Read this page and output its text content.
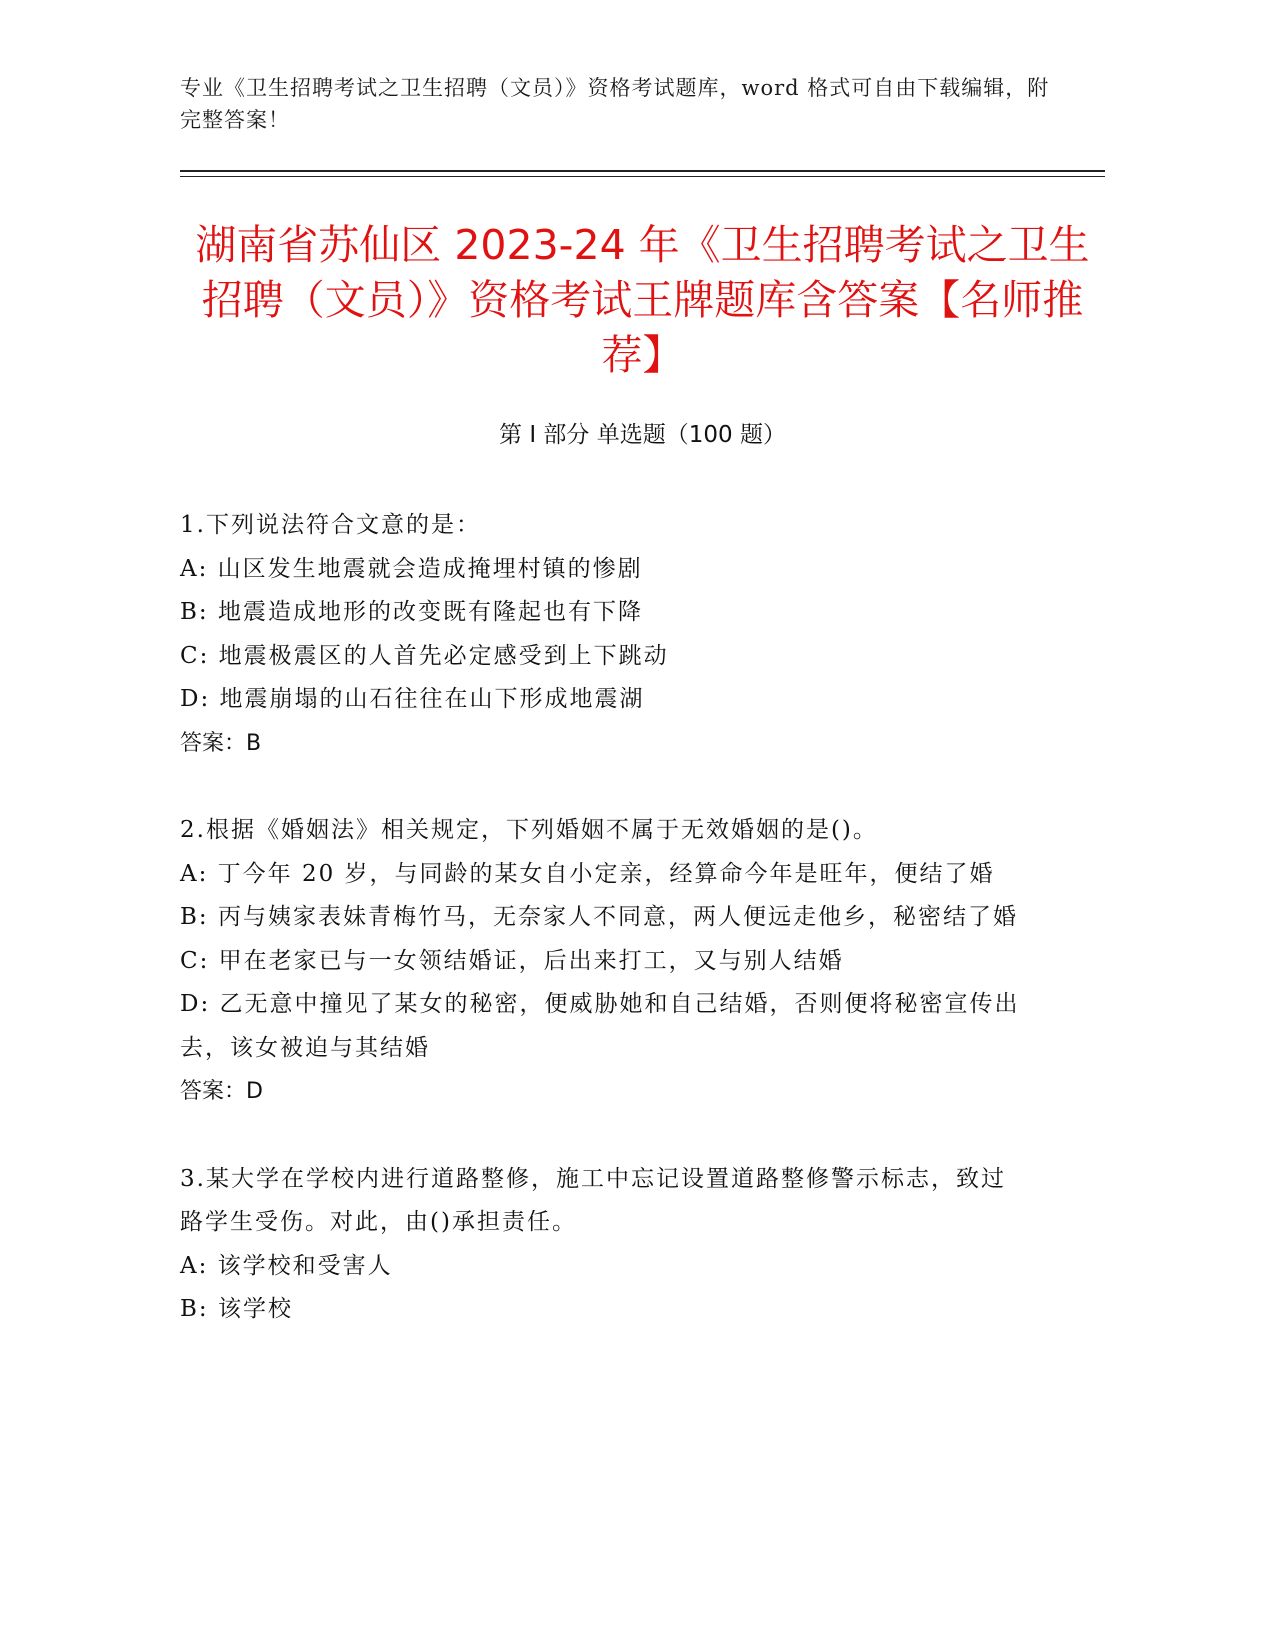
专业《卫生招聘考试之卫生招聘（文员）》资格考试题库，word 格式可自由下载编辑，附完整答案！
湖南省苏仙区 2023-24 年《卫生招聘考试之卫生招聘（文员）》资格考试王牌题库含答案【名师推荐】
第 I 部分 单选题（100 题）
1.下列说法符合文意的是：
A: 山区发生地震就会造成掩埋村镇的惨剧
B: 地震造成地形的改变既有隆起也有下降
C: 地震极震区的人首先必定感受到上下跳动
D: 地震崩塌的山石往往在山下形成地震湖
答案：B
2.根据《婚姻法》相关规定，下列婚姻不属于无效婚姻的是()。
A: 丁今年 20 岁，与同龄的某女自小定亲，经算命今年是旺年，便结了婚
B: 丙与姨家表妹青梅竹马，无奈家人不同意，两人便远走他乡，秘密结了婚
C: 甲在老家已与一女领结婚证，后出来打工，又与别人结婚
D: 乙无意中撞见了某女的秘密，便威胁她和自己结婚，否则便将秘密宣传出去，该女被迫与其结婚
答案：D
3.某大学在学校内进行道路整修，施工中忘记设置道路整修警示标志，致过路学生受伤。对此，由()承担责任。
A: 该学校和受害人
B: 该学校
